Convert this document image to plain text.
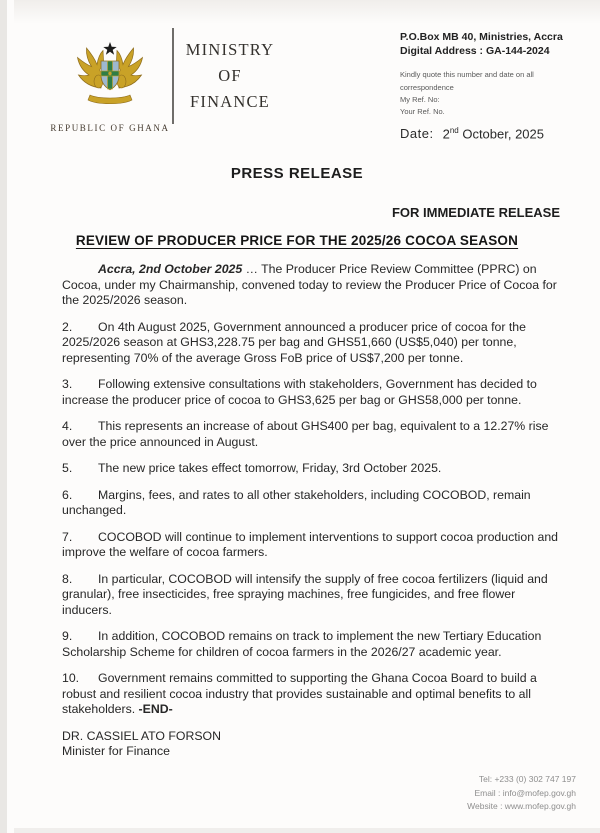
REPUBLIC OF GHANA
MINISTRY
OF
FINANCE
P.O.Box MB 40, Ministries, Accra
Digital Address : GA-144-2024
Kindly quote this number and date on all
correspondence
My Ref. No:
Your Ref. No.
Date: 2nd October, 2025
PRESS RELEASE
FOR IMMEDIATE RELEASE
REVIEW OF PRODUCER PRICE FOR THE 2025/26 COCOA SEASON

Accra, 2nd October 2025 … The Producer Price Review Committee (PPRC) on Cocoa, under my Chairmanship, convened today to review the Producer Price of Cocoa for the 2025/2026 season.

2. On 4th August 2025, Government announced a producer price of cocoa for the 2025/2026 season at GHS3,228.75 per bag and GHS51,660 (US$5,040) per tonne, representing 70% of the average Gross FoB price of US$7,200 per tonne.

3. Following extensive consultations with stakeholders, Government has decided to increase the producer price of cocoa to GHS3,625 per bag or GHS58,000 per tonne.

4. This represents an increase of about GHS400 per bag, equivalent to a 12.27% rise over the price announced in August.

5. The new price takes effect tomorrow, Friday, 3rd October 2025.

6. Margins, fees, and rates to all other stakeholders, including COCOBOD, remain unchanged.

7. COCOBOD will continue to implement interventions to support cocoa production and improve the welfare of cocoa farmers.

8. In particular, COCOBOD will intensify the supply of free cocoa fertilizers (liquid and granular), free insecticides, free spraying machines, free fungicides, and free flower inducers.

9. In addition, COCOBOD remains on track to implement the new Tertiary Education Scholarship Scheme for children of cocoa farmers in the 2026/27 academic year.

10. Government remains committed to supporting the Ghana Cocoa Board to build a robust and resilient cocoa industry that provides sustainable and optimal benefits to all stakeholders. -END-

DR. CASSIEL ATO FORSON
Minister for Finance
Tel: +233 (0) 302 747 197
Email : info@mofep.gov.gh
Website : www.mofep.gov.gh
